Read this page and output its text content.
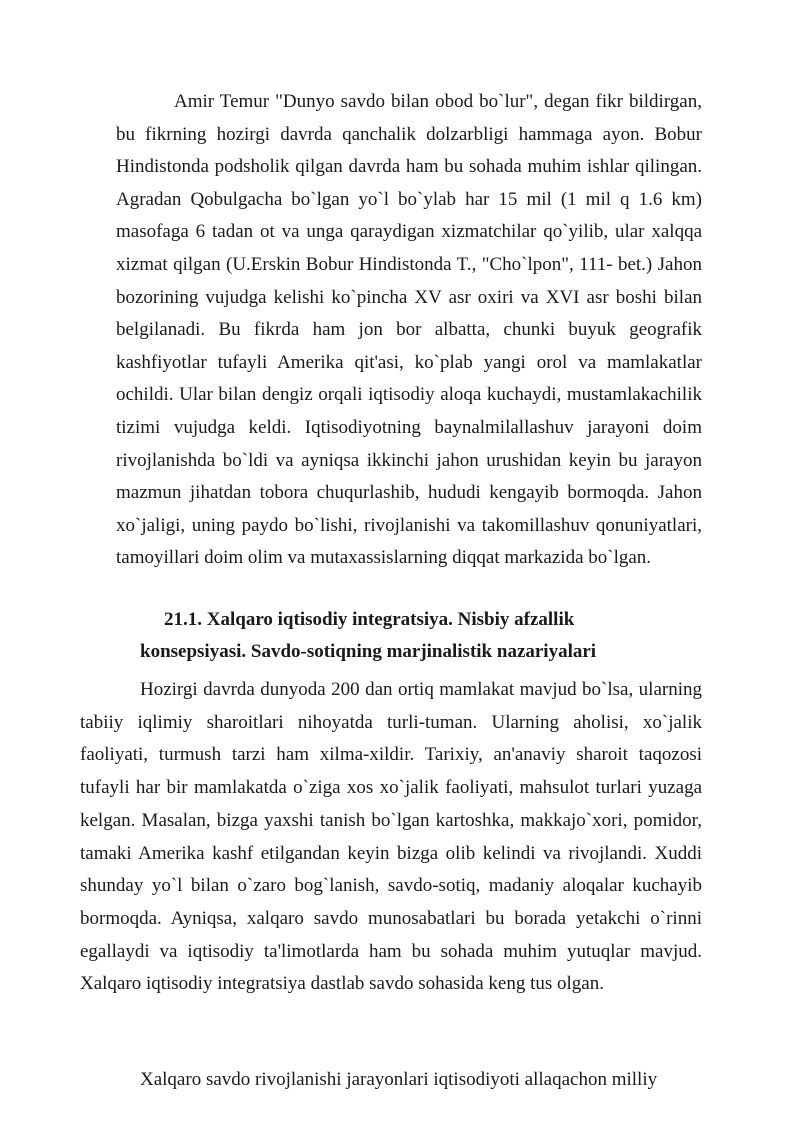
Amir Temur "Dunyo savdo bilan obod bo`lur", degan fikr bildirgan, bu fikrning hozirgi davrda qanchalik dolzarbligi hammaga ayon. Bobur Hindistonda podsholik qilgan davrda ham bu sohada muhim ishlar qilingan. Agradan Qobulgacha bo`lgan yo`l bo`ylab har 15 mil (1 mil q 1.6 km) masofaga 6 tadan ot va unga qaraydigan xizmatchilar qo`yilib, ular xalqqa xizmat qilgan (U.Erskin Bobur Hindistonda T., "Cho`lpon", 111- bet.) Jahon bozorining vujudga kelishi ko`pincha XV asr oxiri va XVI asr boshi bilan belgilanadi. Bu fikrda ham jon bor albatta, chunki buyuk geografik kashfiyotlar tufayli Amerika qit'asi, ko`plab yangi orol va mamlakatlar ochildi. Ular bilan dengiz orqali iqtisodiy aloqa kuchaydi, mustamlakachilik tizimi vujudga keldi. Iqtisodiyotning baynalmilallashuv jarayoni doim rivojlanishda bo`ldi va ayniqsa ikkinchi jahon urushidan keyin bu jarayon mazmun jihatdan tobora chuqurlashib, hududi kengayib bormoqda. Jahon xo`jaligi, uning paydo bo`lishi, rivojlanishi va takomillashuv qonuniyatlari, tamoyillari doim olim va mutaxassislarning diqqat markazida bo`lgan.

21.1. Xalqaro iqtisodiy integratsiya. Nisbiy afzallik
konsepsiyasi. Savdo-sotiqning marjinalistik nazariyalari

Hozirgi davrda dunyoda 200 dan ortiq mamlakat mavjud bo`lsa, ularning tabiiy iqlimiy sharoitlari nihoyatda turli-tuman. Ularning aholisi, xo`jalik faoliyati, turmush tarzi ham xilma-xildir. Tarixiy, an'anaviy sharoit taqozosi tufayli har bir mamlakatda o`ziga xos xo`jalik faoliyati, mahsulot turlari yuzaga kelgan. Masalan, bizga yaxshi tanish bo`lgan kartoshka, makkajo`xori, pomidor, tamaki Amerika kashf etilgandan keyin bizga olib kelindi va rivojlandi. Xuddi shunday yo`l bilan o`zaro bog`lanish, savdo-sotiq, madaniy aloqalar kuchayib bormoqda. Ayniqsa, xalqaro savdo munosabatlari bu borada yetakchi o`rinni egallaydi va iqtisodiy ta'limotlarda ham bu sohada muhim yutuqlar mavjud. Xalqaro iqtisodiy integratsiya dastlab savdo sohasida keng tus olgan.

Xalqaro savdo rivojlanishi jarayonlari iqtisodiyoti allaqachon milliy
